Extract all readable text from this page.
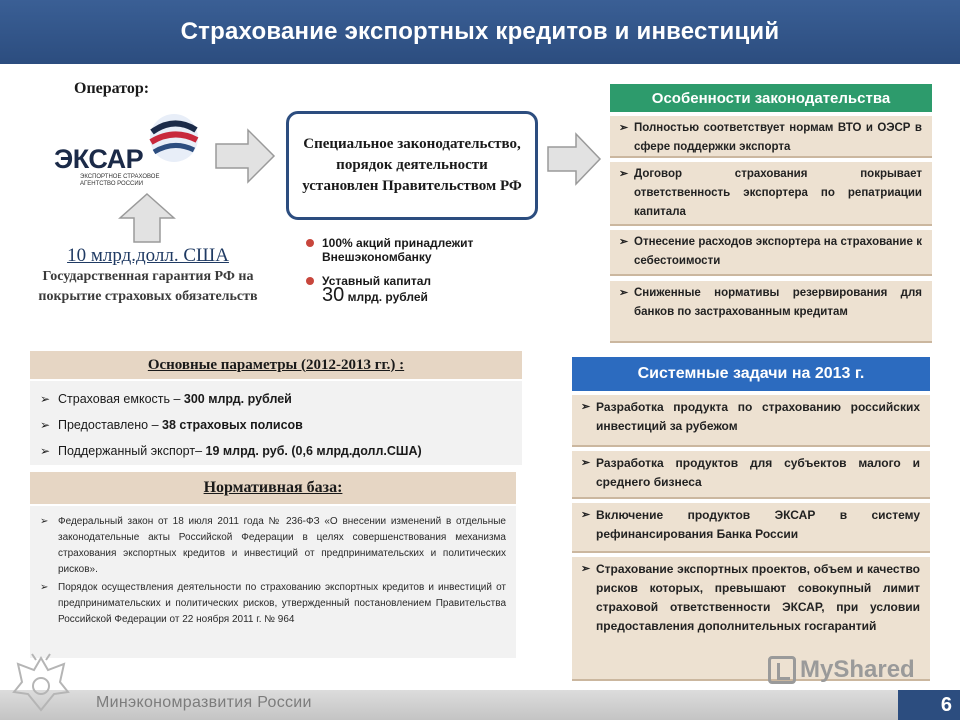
Страхование экспортных кредитов и инвестиций
Оператор:
ЭКСАР
ЭКСПОРТНОЕ СТРАХОВОЕ АГЕНТСТВО РОССИИ
10 млрд.долл. США
Государственная гарантия РФ на покрытие страховых обязательств
Специальное законодательство, порядок деятельности установлен Правительством РФ
100% акций принадлежит Внешэкономбанку
Уставный капитал
30 млрд. рублей
Особенности законодательства
➢ Полностью соответствует нормам ВТО и ОЭСР в сфере поддержки экспорта
➢ Договор страхования покрывает ответственность экспортера по репатриации капитала
➢ Отнесение расходов экспортера на страхование к себестоимости
➢ Сниженные нормативы резервирования для банков по застрахованным кредитам
Основные параметры (2012-2013 гг.) :
➢ Страховая емкость – 300 млрд. рублей
➢ Предоставлено – 38 страховых полисов
➢ Поддержанный экспорт– 19 млрд. руб. (0,6 млрд.долл.США)
Нормативная база:
➢ Федеральный закон от 18 июля 2011 года № 236-ФЗ «О внесении изменений в отдельные законодательные акты Российской Федерации в целях совершенствования механизма страхования экспортных кредитов и инвестиций от предпринимательских и политических рисков».
➢ Порядок осуществления деятельности по страхованию экспортных кредитов и инвестиций от предпринимательских и политических рисков, утвержденный постановлением Правительства Российской Федерации от 22 ноября 2011 г. № 964
Системные задачи на 2013 г.
➢ Разработка продукта по страхованию российских инвестиций за рубежом
➢ Разработка продуктов для субъектов малого и среднего бизнеса
➢ Включение продуктов ЭКСАР в систему рефинансирования Банка России
➢ Страхование экспортных проектов, объем и качество рисков которых, превышают совокупный лимит страховой ответственности ЭКСАР, при условии предоставления дополнительных госгарантий
Минэкономразвития России
MyShared
6
